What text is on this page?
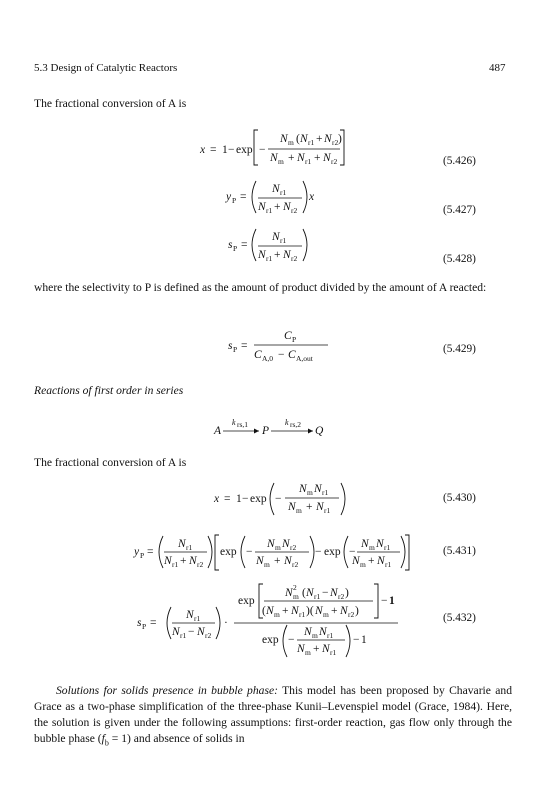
5.3 Design of Catalytic Reactors	487
The fractional conversion of A is
where the selectivity to P is defined as the amount of product divided by the amount of A reacted:
Reactions of first order in series
The fractional conversion of A is
Solutions for solids presence in bubble phase: This model has been proposed by Chavarie and Grace as a two-phase simplification of the three-phase Kunii–Levenspiel model (Grace, 1984). Here, the solution is given under the following assumptions: first-order reaction, gas flow only through the bubble phase $(f_b = 1)$ and absence of solids in
(5.426)
(5.427)
(5.428)
(5.429)
(5.430)
(5.431)
(5.432)
x = 1 − exp −
N m ( N r1 + N r2 )
N m + N r1 + N r2
y P =
N r1
N r1 + N r2
x
s P =
N r1
N r1 + N r2
s P =
C P
C A,0 − C A,out
A
k rs,1
P
k rs,2
Q
x = 1 − exp −
N m N r1
N m + N r1
y P =
N r1
N r1 + N r2
exp −
N m N r2
N m + N r2
− exp −
N m N r1
N m + N r1
s P =
N r1
N r1 − N r2
·
exp
N 2
m ( N r1 − N r2 )
( N m + N r1 )( N m + N r2 )
− 1
exp −
N m N r1
N m + N r1
− 1
